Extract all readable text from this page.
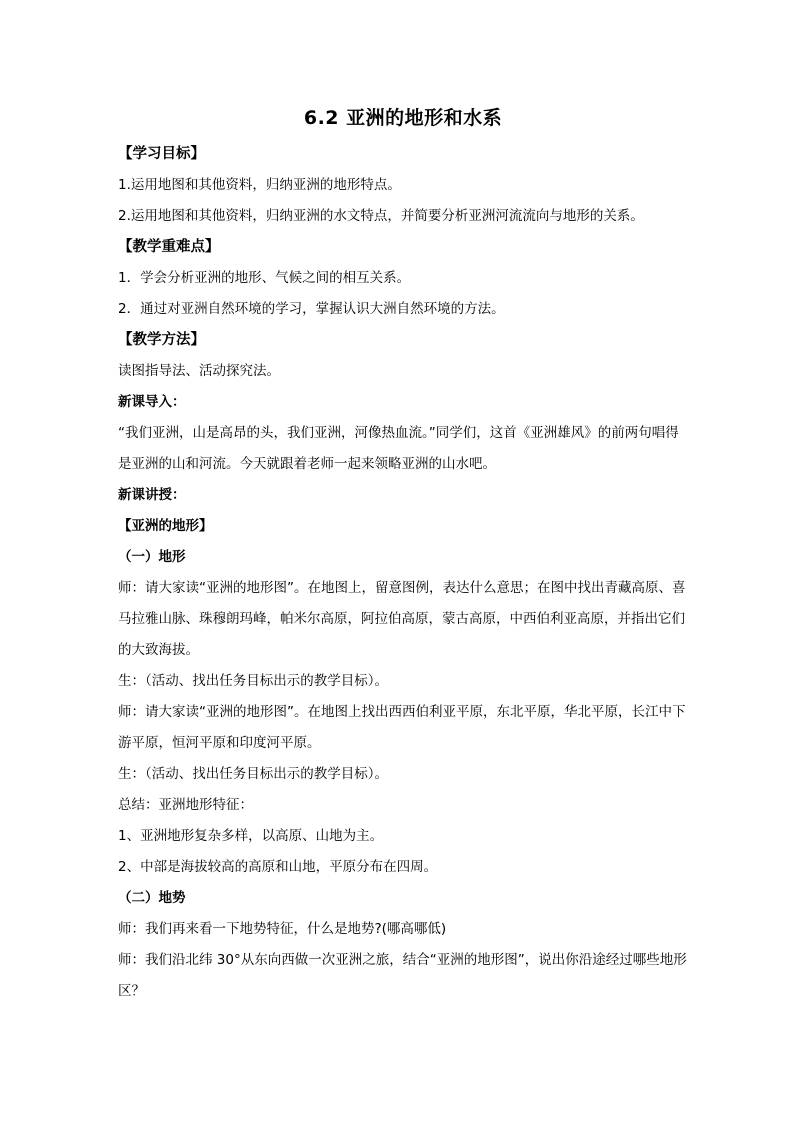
6.2 亚洲的地形和水系

【学习目标】

1.运用地图和其他资料，归纳亚洲的地形特点。

2.运用地图和其他资料，归纳亚洲的水文特点，并简要分析亚洲河流流向与地形的关系。

【教学重难点】

1．学会分析亚洲的地形、气候之间的相互关系。

2．通过对亚洲自然环境的学习，掌握认识大洲自然环境的方法。

【教学方法】

读图指导法、活动探究法。

新课导入：

“我们亚洲，山是高昂的头，我们亚洲，河像热血流。”同学们，这首《亚洲雄风》的前两句唱得是亚洲的山和河流。今天就跟着老师一起来领略亚洲的山水吧。

新课讲授：

【亚洲的地形】

（一）地形

师：请大家读“亚洲的地形图”。在地图上，留意图例，表达什么意思；在图中找出青藏高原、喜马拉雅山脉、珠穆朗玛峰，帕米尔高原，阿拉伯高原，蒙古高原，中西伯利亚高原，并指出它们的大致海拔。

生：（活动、找出任务目标出示的教学目标）。

师：请大家读“亚洲的地形图”。在地图上找出西西伯利亚平原，东北平原，华北平原，长江中下游平原，恒河平原和印度河平原。

生：（活动、找出任务目标出示的教学目标）。

总结：亚洲地形特征：

1、亚洲地形复杂多样，以高原、山地为主。

2、中部是海拔较高的高原和山地，平原分布在四周。

（二）地势

师：我们再来看一下地势特征，什么是地势?(哪高哪低)

师：我们沿北纬 30°从东向西做一次亚洲之旅，结合“亚洲的地形图”，说出你沿途经过哪些地形区？
